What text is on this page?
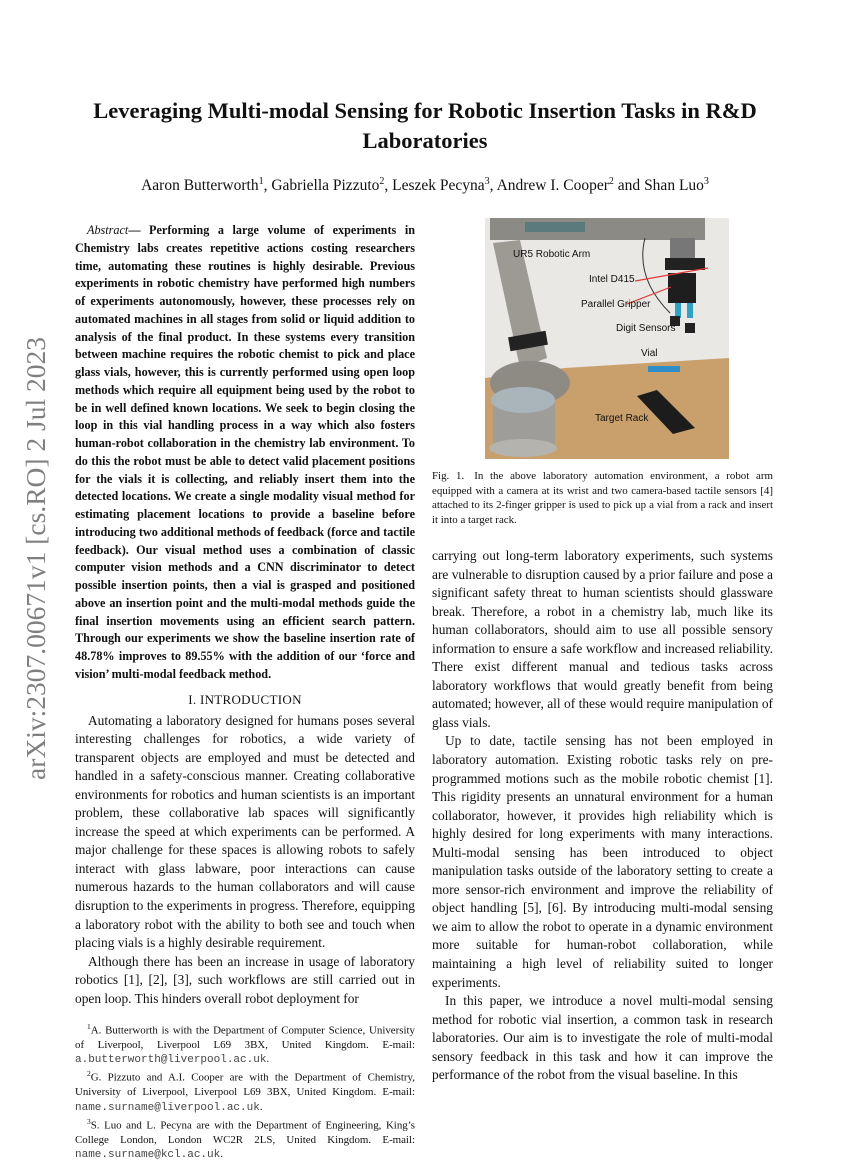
arXiv:2307.00671v1 [cs.RO] 2 Jul 2023
Leveraging Multi-modal Sensing for Robotic Insertion Tasks in R&D Laboratories
Aaron Butterworth$^1$, Gabriella Pizzuto$^2$, Leszek Pecyna$^3$, Andrew I. Cooper$^2$ and Shan Luo$^3$
Abstract— Performing a large volume of experiments in Chemistry labs creates repetitive actions costing researchers time, automating these routines is highly desirable. Previous experiments in robotic chemistry have performed high numbers of experiments autonomously, however, these processes rely on automated machines in all stages from solid or liquid addition to analysis of the final product. In these systems every transition between machine requires the robotic chemist to pick and place glass vials, however, this is currently performed using open loop methods which require all equipment being used by the robot to be in well defined known locations. We seek to begin closing the loop in this vial handling process in a way which also fosters human-robot collaboration in the chemistry lab environment. To do this the robot must be able to detect valid placement positions for the vials it is collecting, and reliably insert them into the detected locations. We create a single modality visual method for estimating placement locations to provide a baseline before introducing two additional methods of feedback (force and tactile feedback). Our visual method uses a combination of classic computer vision methods and a CNN discriminator to detect possible insertion points, then a vial is grasped and positioned above an insertion point and the multi-modal methods guide the final insertion movements using an efficient search pattern. Through our experiments we show the baseline insertion rate of 48.78% improves to 89.55% with the addition of our ‘force and vision’ multi-modal feedback method.
I. INTRODUCTION

Automating a laboratory designed for humans poses several interesting challenges for robotics, a wide variety of transparent objects are employed and must be detected and handled in a safety-conscious manner. Creating collaborative environments for robotics and human scientists is an important problem, these collaborative lab spaces will significantly increase the speed at which experiments can be performed. A major challenge for these spaces is allowing robots to safely interact with glass labware, poor interactions can cause numerous hazards to the human collaborators and will cause disruption to the experiments in progress. Therefore, equipping a laboratory robot with the ability to both see and touch when placing vials is a highly desirable requirement.

Although there has been an increase in usage of laboratory robotics [1], [2], [3], such workflows are still carried out in open loop. This hinders overall robot deployment for

$^1$A. Butterworth is with the Department of Computer Science, University of Liverpool, Liverpool L69 3BX, United Kingdom. E-mail: a.butterworth@liverpool.ac.uk.

$^2$G. Pizzuto and A.I. Cooper are with the Department of Chemistry, University of Liverpool, Liverpool L69 3BX, United Kingdom. E-mail: name.surname@liverpool.ac.uk.

$^3$S. Luo and L. Pecyna are with the Department of Engineering, King’s College London, London WC2R 2LS, United Kingdom. E-mail: name.surname@kcl.ac.uk.

UR5 Robotic Arm
Intel D415
Parallel Gripper
Digit Sensors
Vial
Target Rack
Fig. 1. In the above laboratory automation environment, a robot arm equipped with a camera at its wrist and two camera-based tactile sensors [4] attached to its 2-finger gripper is used to pick up a vial from a rack and insert it into a target rack.

carrying out long-term laboratory experiments, such systems are vulnerable to disruption caused by a prior failure and pose a significant safety threat to human scientists should glassware break. Therefore, a robot in a chemistry lab, much like its human collaborators, should aim to use all possible sensory information to ensure a safe workflow and increased reliability. There exist different manual and tedious tasks across laboratory workflows that would greatly benefit from being automated; however, all of these would require manipulation of glass vials.

Up to date, tactile sensing has not been employed in laboratory automation. Existing robotic tasks rely on pre-programmed motions such as the mobile robotic chemist [1]. This rigidity presents an unnatural environment for a human collaborator, however, it provides high reliability which is highly desired for long experiments with many interactions. Multi-modal sensing has been introduced to object manipulation tasks outside of the laboratory setting to create a more sensor-rich environment and improve the reliability of object handling [5], [6]. By introducing multi-modal sensing we aim to allow the robot to operate in a dynamic environment more suitable for human-robot collaboration, while maintaining a high level of reliability suited to longer experiments.

In this paper, we introduce a novel multi-modal sensing method for robotic vial insertion, a common task in research laboratories. Our aim is to investigate the role of multi-modal sensory feedback in this task and how it can improve the performance of the robot from the visual baseline. In this
